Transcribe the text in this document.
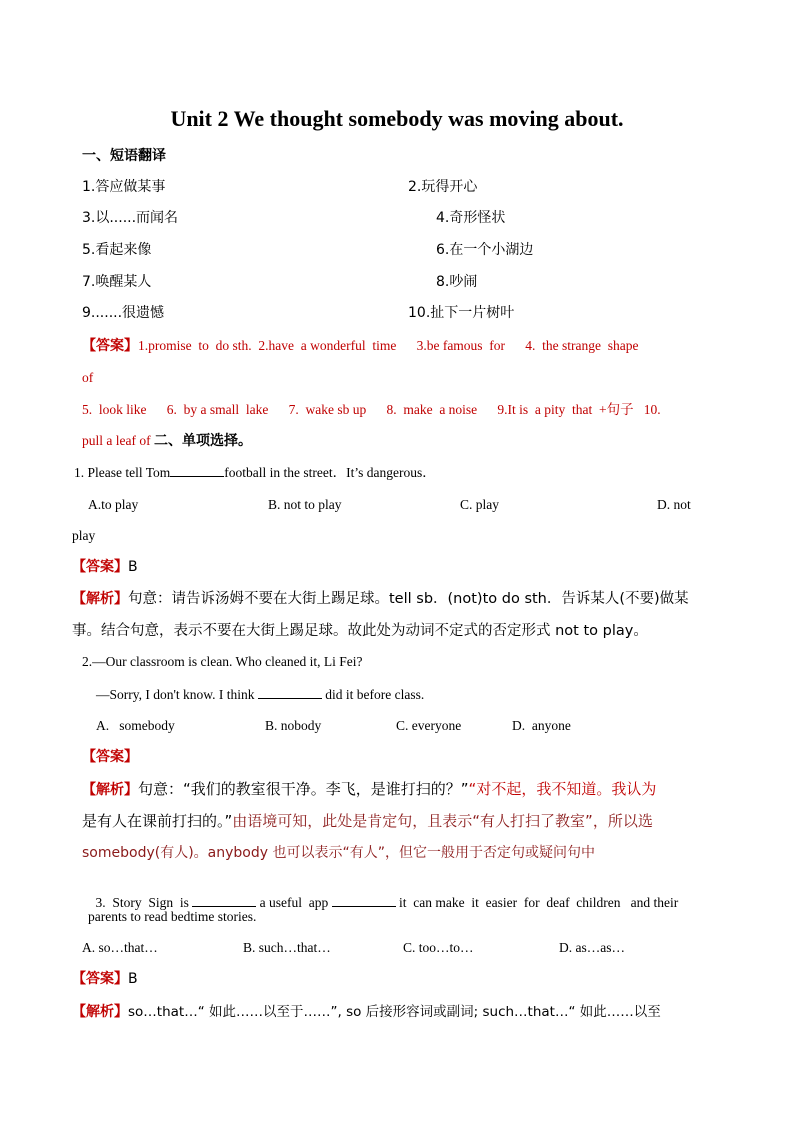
Unit 2 We thought somebody was moving about.
一、短语翻译
1.答应做某事	2.玩得开心
3.以......而闻名	4.奇形怪状
5.看起来像	6.在一个小湖边
7.唤醒某人	8.吵闹
9.......很遗憾	10.扯下一片树叶
【答案】1.promise  to  do sth.  2.have  a wonderful  time      3.be famous  for      4.  the strange  shape
of
5.  look like      6.  by a small  lake      7.  wake sb up      8.  make  a noise      9.It is  a pity  that  +句子   10.
pull a leaf of 二、单项选择。
1. Please tell Tom	football in the street．It’s dangerous．
A.to play	B. not to play	C. play	D. not
play
【答案】B
【解析】句意：请告诉汤姆不要在大街上踢足球。tell sb．(not)to do sth．告诉某人(不要)做某
事。结合句意，表示不要在大街上踢足球。故此处为动词不定式的否定形式 not to play。
2.—Our classroom is clean. Who cleaned it, Li Fei?
—Sorry, I don't know. I think	did it before class.
A.   somebody	B. nobody	C. everyone	D.  anyone
【答案】
【解析】句意：“我们的教室很干净。李飞，是谁打扫的？”“对不起，我不知道。我认为
是有人在课前打扫的。”由语境可知，此处是肯定句，且表示“有人打扫了教室”，所以选
somebody(有人)。anybody 也可以表示“有人”，但它一般用于否定句或疑问句中

3.  Story  Sign  is	a useful  app	it  can make  it  easier  for  deaf  children   and their

parents to read bedtime stories.
A. so…that…	B. such…that…	C. too…to…	D. as…as…
【答案】B
【解析】so…that…“ 如此……以至于……”, so 后接形容词或副词; such…that…“ 如此……以至
